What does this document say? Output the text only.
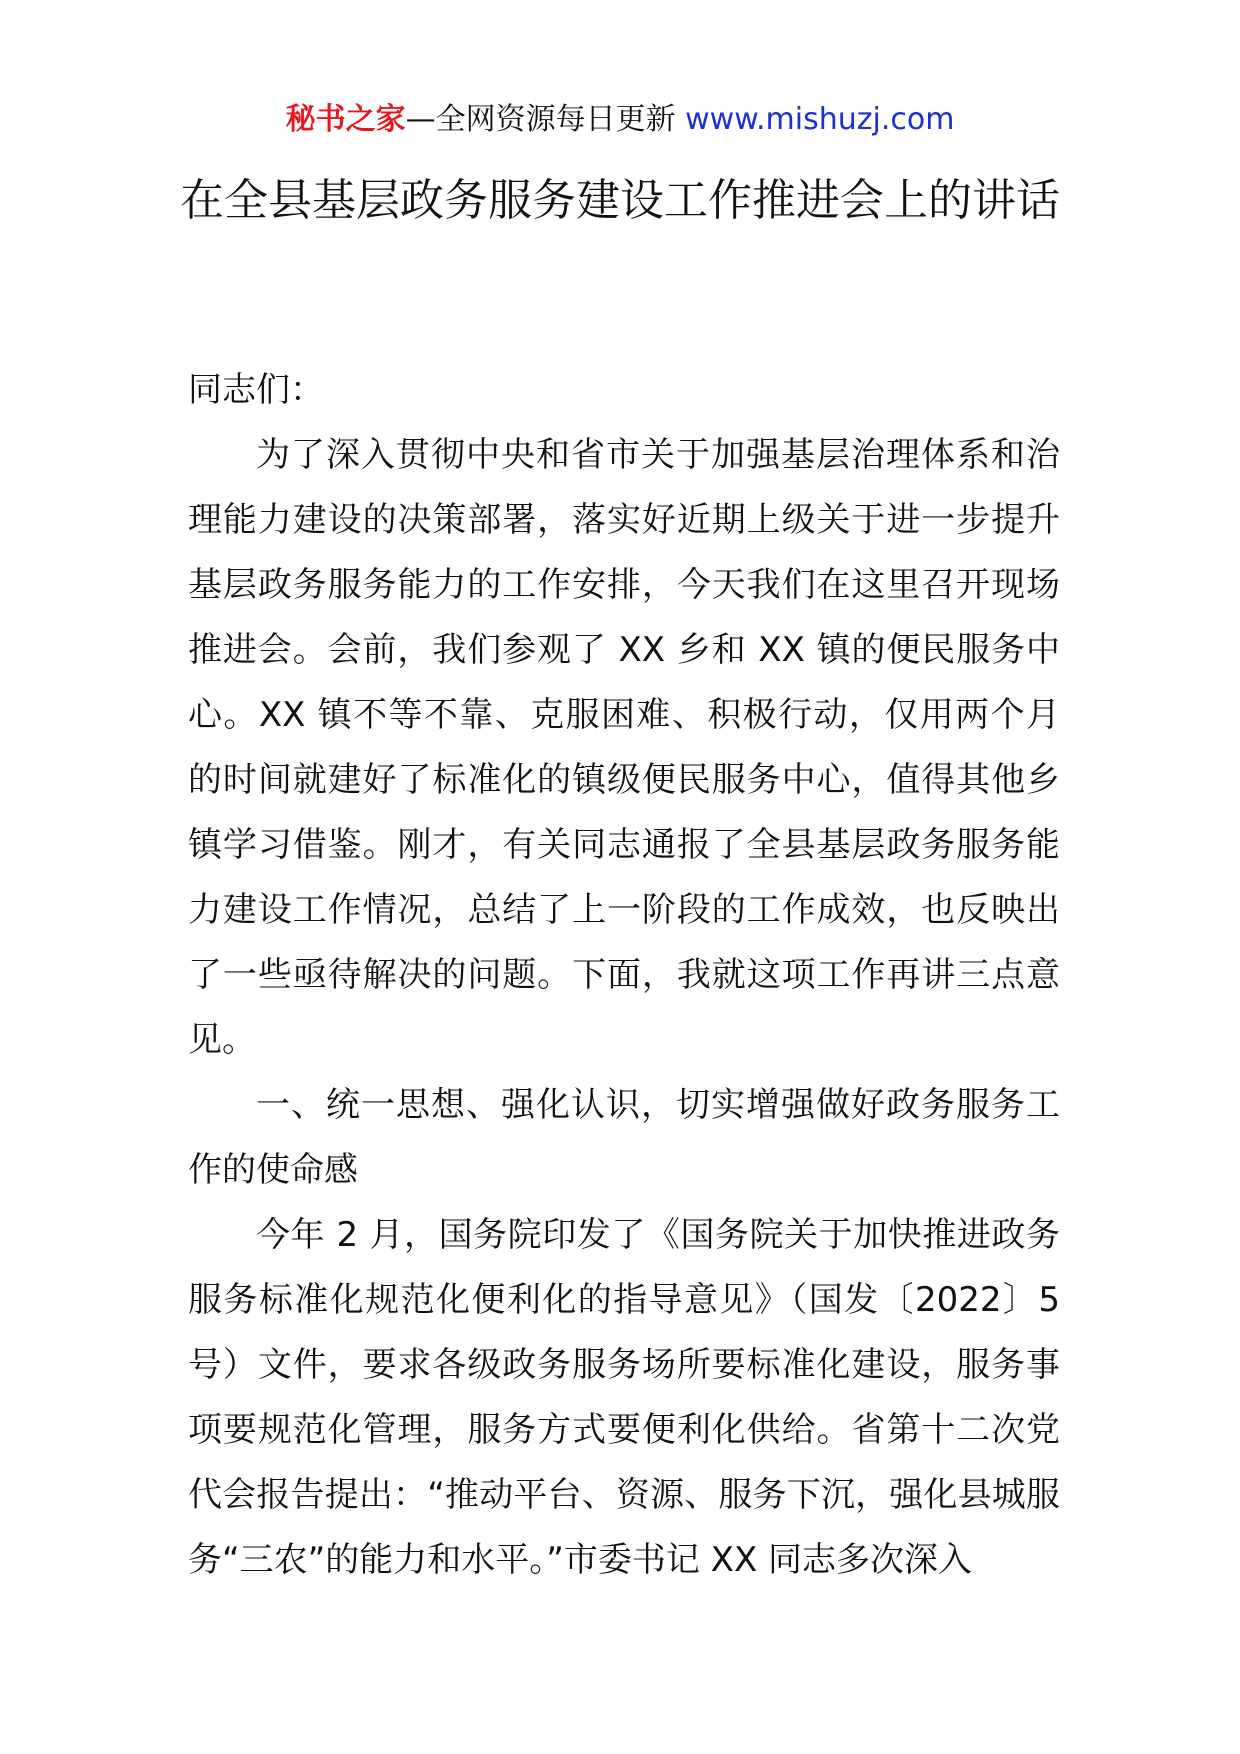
秘书之家—全网资源每日更新 www.mishuzj.com
在全县基层政务服务建设工作推进会上的讲话

同志们：

为了深入贯彻中央和省市关于加强基层治理体系和治理能力建设的决策部署，落实好近期上级关于进一步提升基层政务服务能力的工作安排，今天我们在这里召开现场推进会。会前，我们参观了 XX 乡和 XX 镇的便民服务中心。XX 镇不等不靠、克服困难、积极行动，仅用两个月的时间就建好了标准化的镇级便民服务中心，值得其他乡镇学习借鉴。刚才，有关同志通报了全县基层政务服务能力建设工作情况，总结了上一阶段的工作成效，也反映出了一些亟待解决的问题。下面，我就这项工作再讲三点意见。

一、统一思想、强化认识，切实增强做好政务服务工作的使命感

今年 2 月，国务院印发了《国务院关于加快推进政务服务标准化规范化便利化的指导意见》（国发〔2022〕5 号）文件，要求各级政务服务场所要标准化建设，服务事项要规范化管理，服务方式要便利化供给。省第十二次党代会报告提出：“推动平台、资源、服务下沉，强化县城服务“三农”的能力和水平。”市委书记 XX 同志多次深入
